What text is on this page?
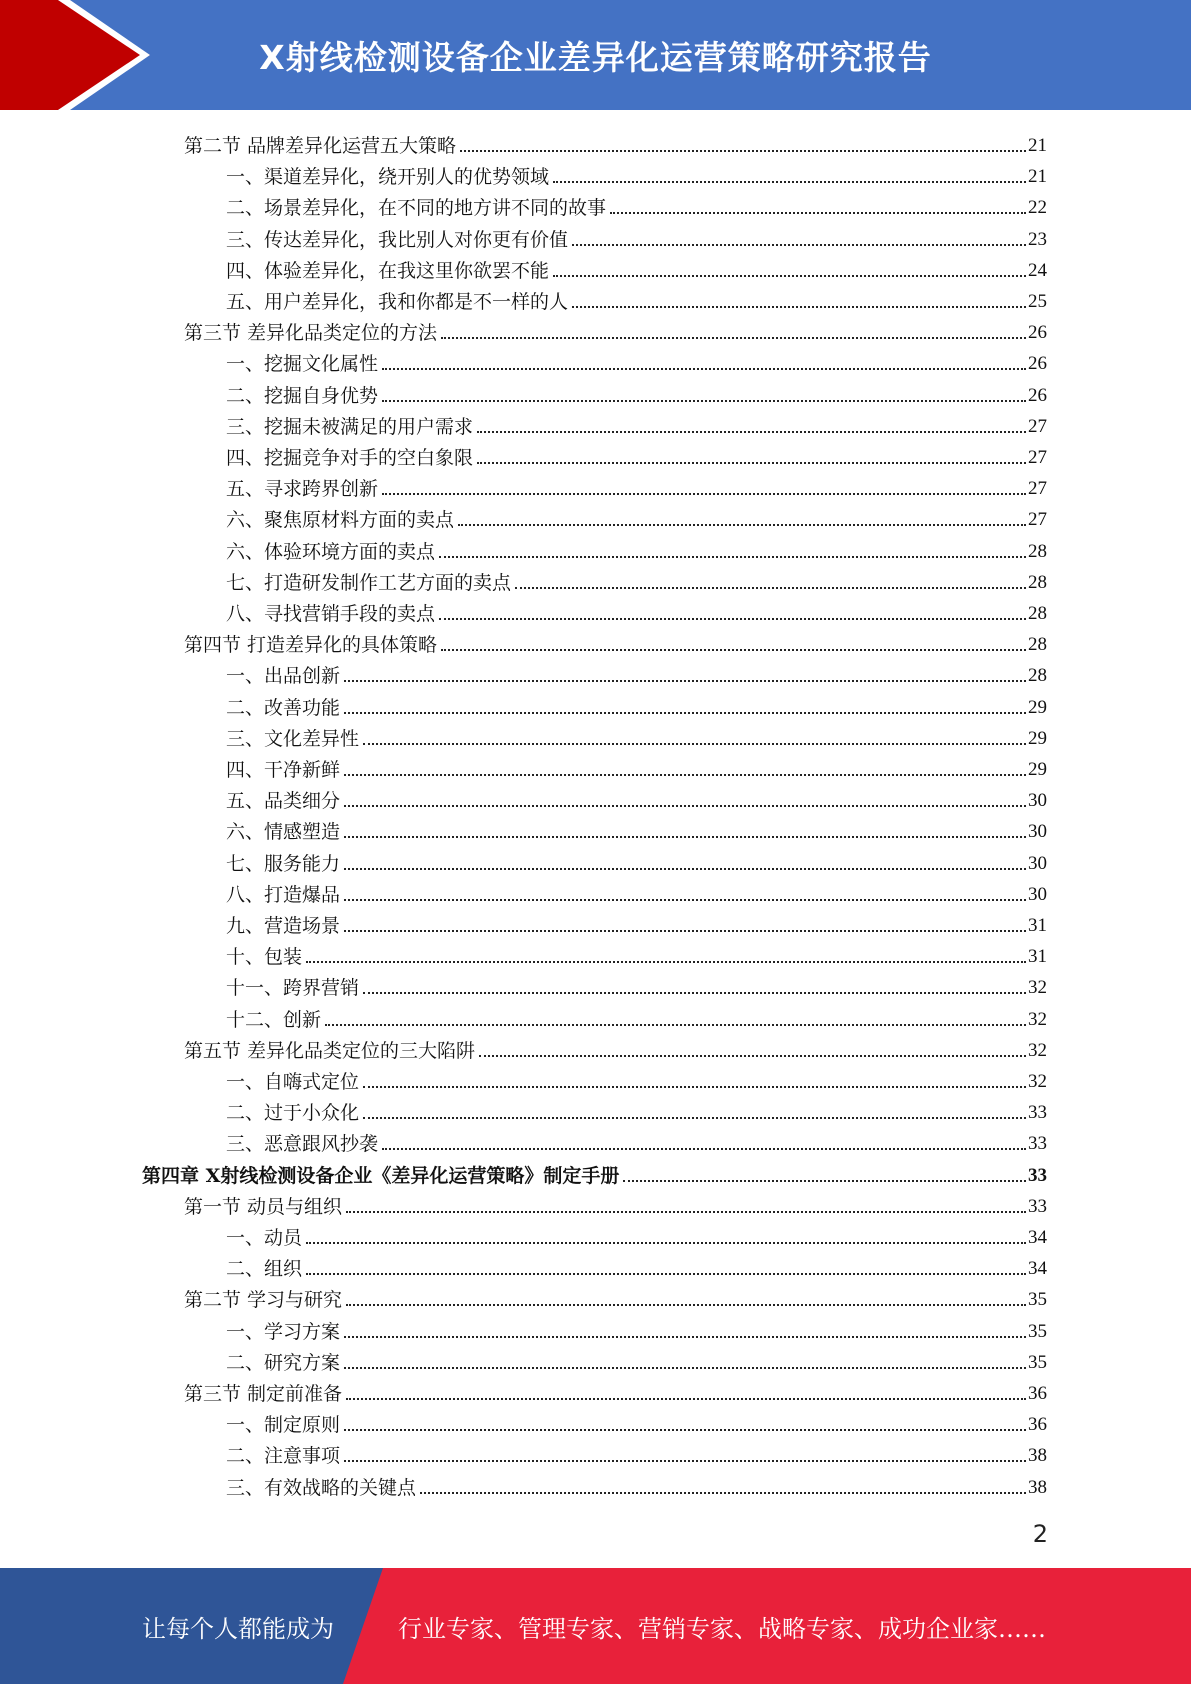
X射线检测设备企业差异化运营策略研究报告
第二节 品牌差异化运营五大策略	21
一、渠道差异化，绕开别人的优势领域	21
二、场景差异化，在不同的地方讲不同的故事	22
三、传达差异化，我比别人对你更有价值	23
四、体验差异化，在我这里你欲罢不能	24
五、用户差异化，我和你都是不一样的人	25
第三节 差异化品类定位的方法	26
一、挖掘文化属性	26
二、挖掘自身优势	26
三、挖掘未被满足的用户需求	27
四、挖掘竞争对手的空白象限	27
五、寻求跨界创新	27
六、聚焦原材料方面的卖点	27
六、体验环境方面的卖点	28
七、打造研发制作工艺方面的卖点	28
八、寻找营销手段的卖点	28
第四节 打造差异化的具体策略	28
一、出品创新	28
二、改善功能	29
三、文化差异性	29
四、干净新鲜	29
五、品类细分	30
六、情感塑造	30
七、服务能力	30
八、打造爆品	30
九、营造场景	31
十、包装	31
十一、跨界营销	32
十二、创新	32
第五节 差异化品类定位的三大陷阱	32
一、自嗨式定位	32
二、过于小众化	33
三、恶意跟风抄袭	33
第四章 X射线检测设备企业《差异化运营策略》制定手册	33
第一节 动员与组织	33
一、动员	34
二、组织	34
第二节 学习与研究	35
一、学习方案	35
二、研究方案	35
第三节 制定前准备	36
一、制定原则	36
二、注意事项	38
三、有效战略的关键点	38
2
让每个人都能成为	行业专家、管理专家、营销专家、战略专家、成功企业家……
